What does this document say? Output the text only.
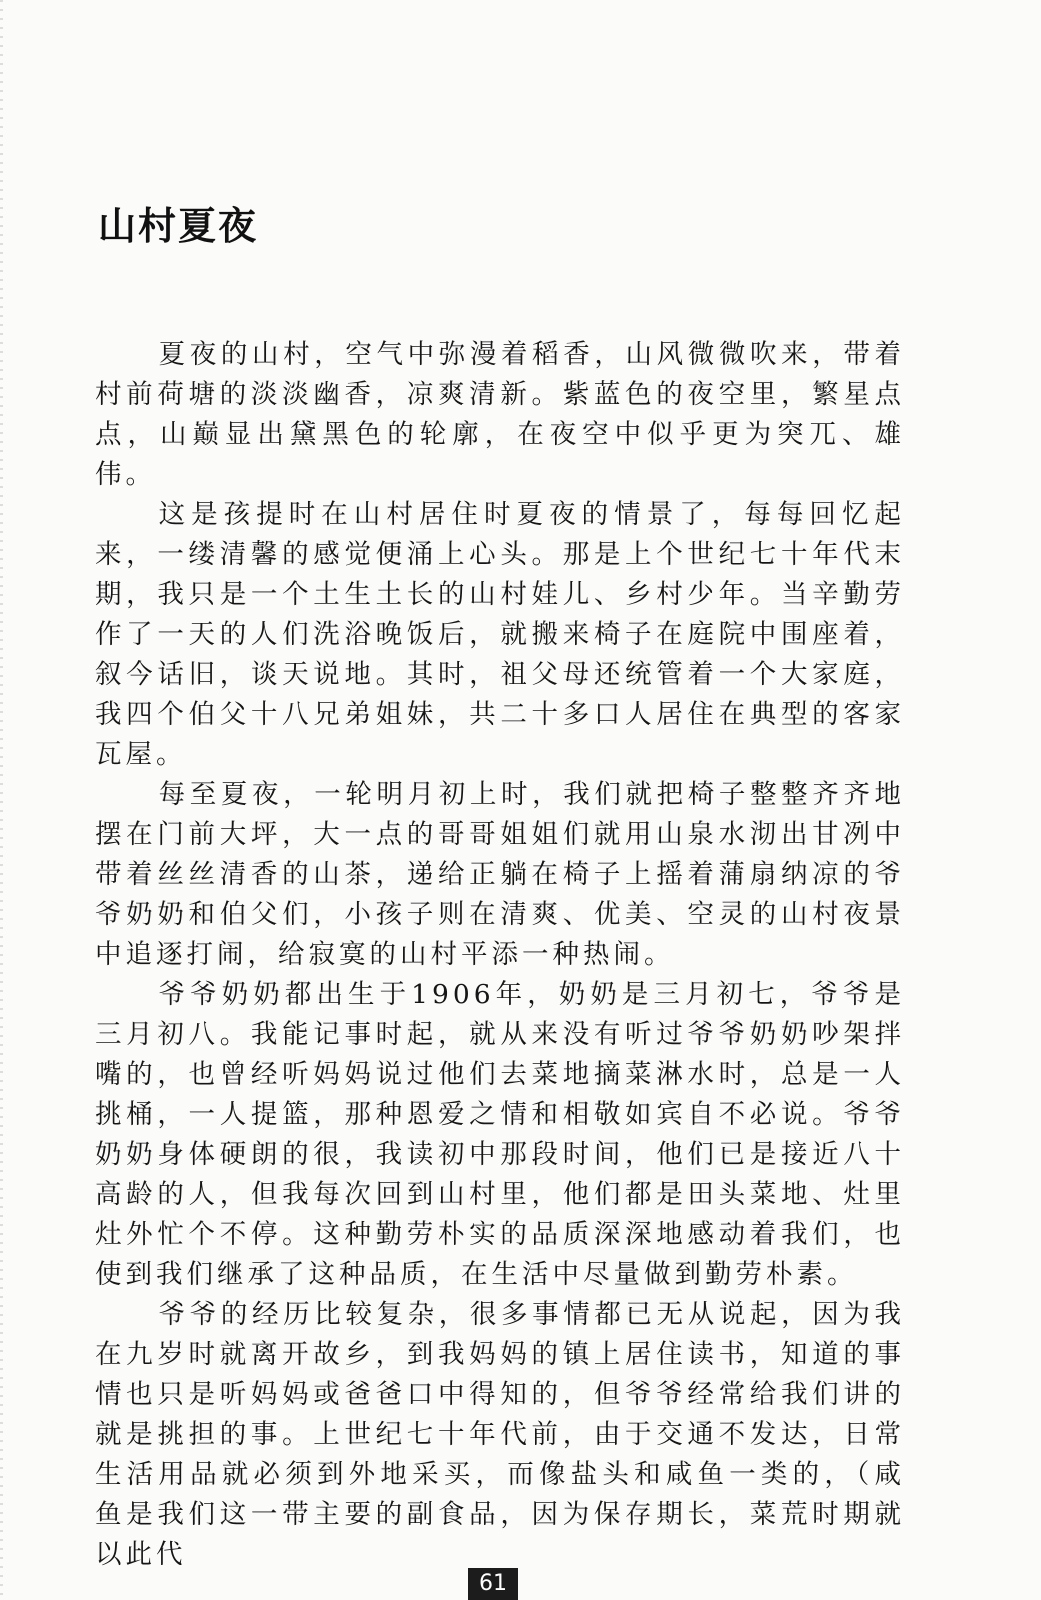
山村夏夜

夏夜的山村，空气中弥漫着稻香，山风微微吹来，带着村前荷塘的淡淡幽香，凉爽清新。紫蓝色的夜空里，繁星点点，山巅显出黛黑色的轮廓，在夜空中似乎更为突兀、雄伟。

这是孩提时在山村居住时夏夜的情景了，每每回忆起来，一缕清馨的感觉便涌上心头。那是上个世纪七十年代末期，我只是一个土生土长的山村娃儿、乡村少年。当辛勤劳作了一天的人们洗浴晚饭后，就搬来椅子在庭院中围座着，叙今话旧，谈天说地。其时，祖父母还统管着一个大家庭，我四个伯父十八兄弟姐妹，共二十多口人居住在典型的客家瓦屋。

每至夏夜，一轮明月初上时，我们就把椅子整整齐齐地摆在门前大坪，大一点的哥哥姐姐们就用山泉水沏出甘冽中带着丝丝清香的山茶，递给正躺在椅子上摇着蒲扇纳凉的爷爷奶奶和伯父们，小孩子则在清爽、优美、空灵的山村夜景中追逐打闹，给寂寞的山村平添一种热闹。

爷爷奶奶都出生于1906年，奶奶是三月初七，爷爷是三月初八。我能记事时起，就从来没有听过爷爷奶奶吵架拌嘴的，也曾经听妈妈说过他们去菜地摘菜淋水时，总是一人挑桶，一人提篮，那种恩爱之情和相敬如宾自不必说。爷爷奶奶身体硬朗的很，我读初中那段时间，他们已是接近八十高龄的人，但我每次回到山村里，他们都是田头菜地、灶里灶外忙个不停。这种勤劳朴实的品质深深地感动着我们，也使到我们继承了这种品质，在生活中尽量做到勤劳朴素。

爷爷的经历比较复杂，很多事情都已无从说起，因为我在九岁时就离开故乡，到我妈妈的镇上居住读书，知道的事情也只是听妈妈或爸爸口中得知的，但爷爷经常给我们讲的就是挑担的事。上世纪七十年代前，由于交通不发达，日常生活用品就必须到外地采买，而像盐头和咸鱼一类的，（咸鱼是我们这一带主要的副食品，因为保存期长，菜荒时期就以此代

61
